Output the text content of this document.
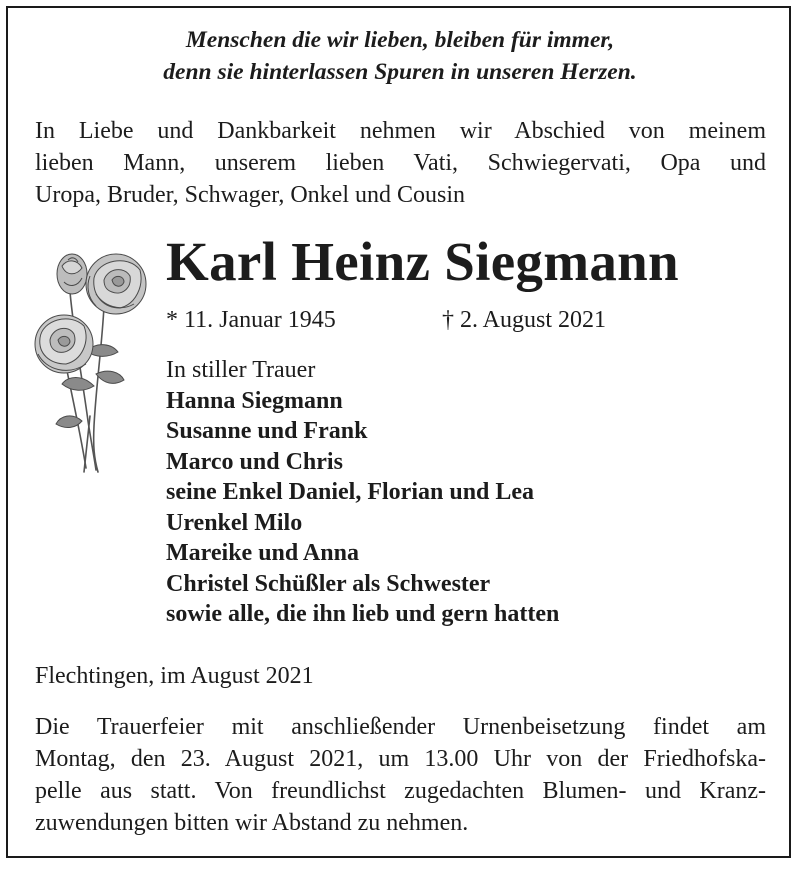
Menschen die wir lieben, bleiben für immer,
denn sie hinterlassen Spuren in unseren Herzen.
In Liebe und Dankbarkeit nehmen wir Abschied von meinem
lieben Mann, unserem lieben Vati, Schwiegervati, Opa und
Uropa, Bruder, Schwager, Onkel und Cousin
Karl Heinz Siegmann
* 11. Januar 1945	† 2. August 2021
In stiller Trauer
Hanna Siegmann
Susanne und Frank
Marco und Chris
seine Enkel Daniel, Florian und Lea
Urenkel Milo
Mareike und Anna
Christel Schüßler als Schwester
sowie alle, die ihn lieb und gern hatten
Flechtingen, im August 2021
Die Trauerfeier mit anschließender Urnenbeisetzung findet am
Montag, den 23. August 2021, um 13.00 Uhr von der Friedhofska-
pelle aus statt. Von freundlichst zugedachten Blumen- und Kranz-
zuwendungen bitten wir Abstand zu nehmen.
